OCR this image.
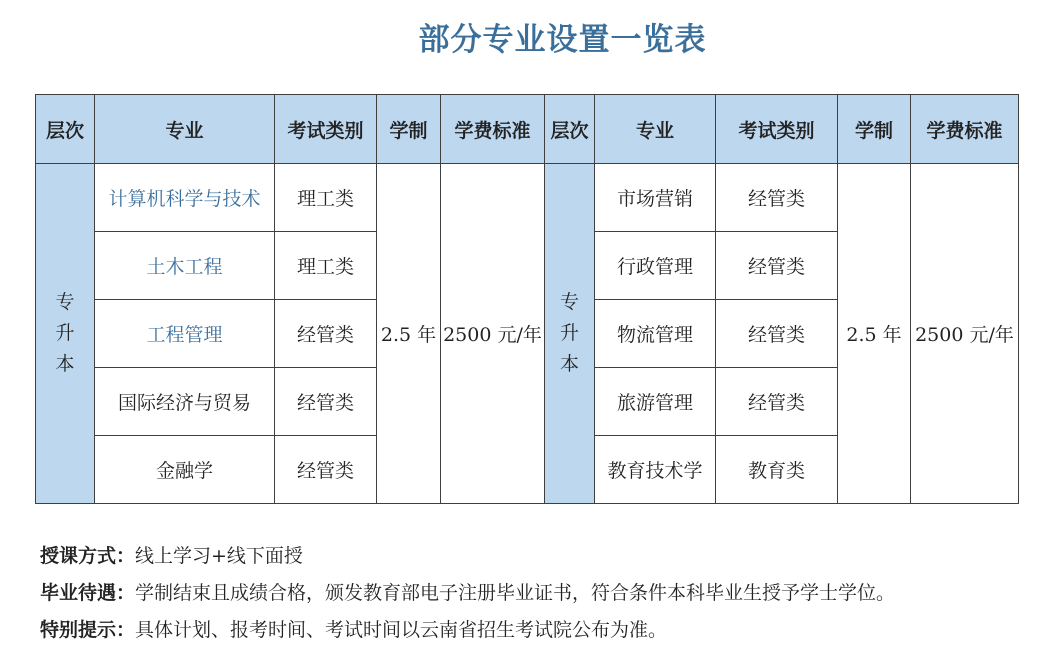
部分专业设置一览表
层次	专业	考试类别	学制	学费标准	层次	专业	考试类别	学制	学费标准
专升本	计算机科学与技术	理工类	2.5 年	2500 元/年	专升本	市场营销	经管类	2.5 年	2500 元/年
	土木工程	理工类				行政管理	经管类		
	工程管理	经管类				物流管理	经管类		
	国际经济与贸易	经管类				旅游管理	经管类		
	金融学	经管类				教育技术学	教育类		
授课方式：线上学习+线下面授
毕业待遇：学制结束且成绩合格，颁发教育部电子注册毕业证书，符合条件本科毕业生授予学士学位。
特别提示：具体计划、报考时间、考试时间以云南省招生考试院公布为准。
